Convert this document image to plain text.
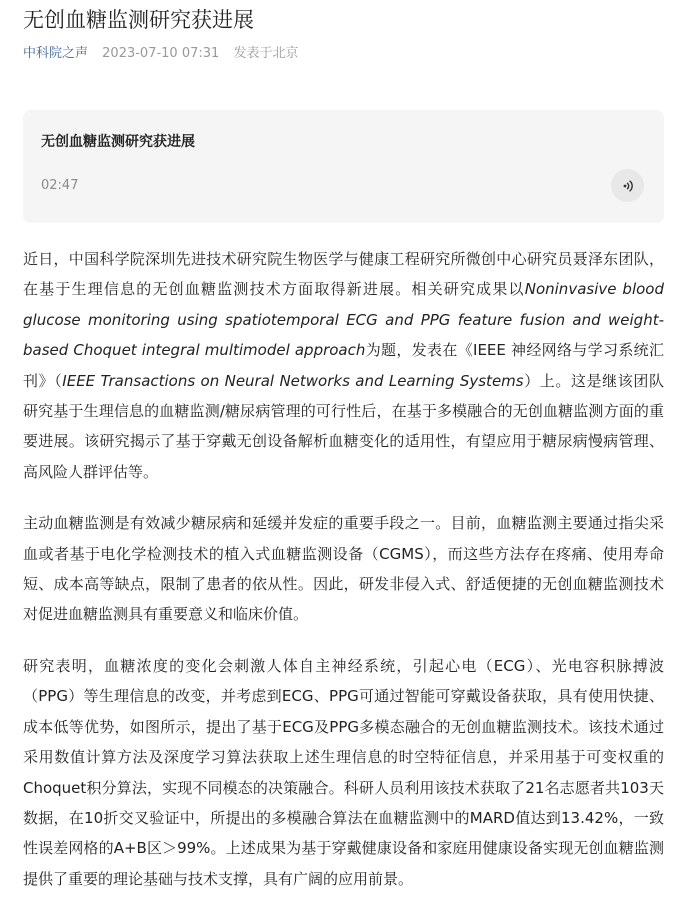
无创血糖监测研究获进展
中科院之声 2023-07-10 07:31 发表于北京
无创血糖监测研究获进展
02:47

近日，中国科学院深圳先进技术研究院生物医学与健康工程研究所微创中心研究员聂泽东团队，在基于生理信息的无创血糖监测技术方面取得新进展。相关研究成果以Noninvasive blood glucose monitoring using spatiotemporal ECG and PPG feature fusion and weight-based Choquet integral multimodel approach为题，发表在《IEEE 神经网络与学习系统汇刊》（IEEE Transactions on Neural Networks and Learning Systems）上。这是继该团队研究基于生理信息的血糖监测/糖尿病管理的可行性后，在基于多模融合的无创血糖监测方面的重要进展。该研究揭示了基于穿戴无创设备解析血糖变化的适用性，有望应用于糖尿病慢病管理、高风险人群评估等。

主动血糖监测是有效减少糖尿病和延缓并发症的重要手段之一。目前，血糖监测主要通过指尖采血或者基于电化学检测技术的植入式血糖监测设备（CGMS），而这些方法存在疼痛、使用寿命短、成本高等缺点，限制了患者的依从性。因此，研发非侵入式、舒适便捷的无创血糖监测技术对促进血糖监测具有重要意义和临床价值。

研究表明，血糖浓度的变化会刺激人体自主神经系统，引起心电（ECG）、光电容积脉搏波（PPG）等生理信息的改变，并考虑到ECG、PPG可通过智能可穿戴设备获取，具有使用快捷、成本低等优势，如图所示，提出了基于ECG及PPG多模态融合的无创血糖监测技术。该技术通过采用数值计算方法及深度学习算法获取上述生理信息的时空特征信息，并采用基于可变权重的Choquet积分算法，实现不同模态的决策融合。科研人员利用该技术获取了21名志愿者共103天数据，在10折交叉验证中，所提出的多模融合算法在血糖监测中的MARD值达到13.42%，一致性误差网格的A+B区＞99%。上述成果为基于穿戴健康设备和家庭用健康设备实现无创血糖监测提供了重要的理论基础与技术支撑，具有广阔的应用前景。
